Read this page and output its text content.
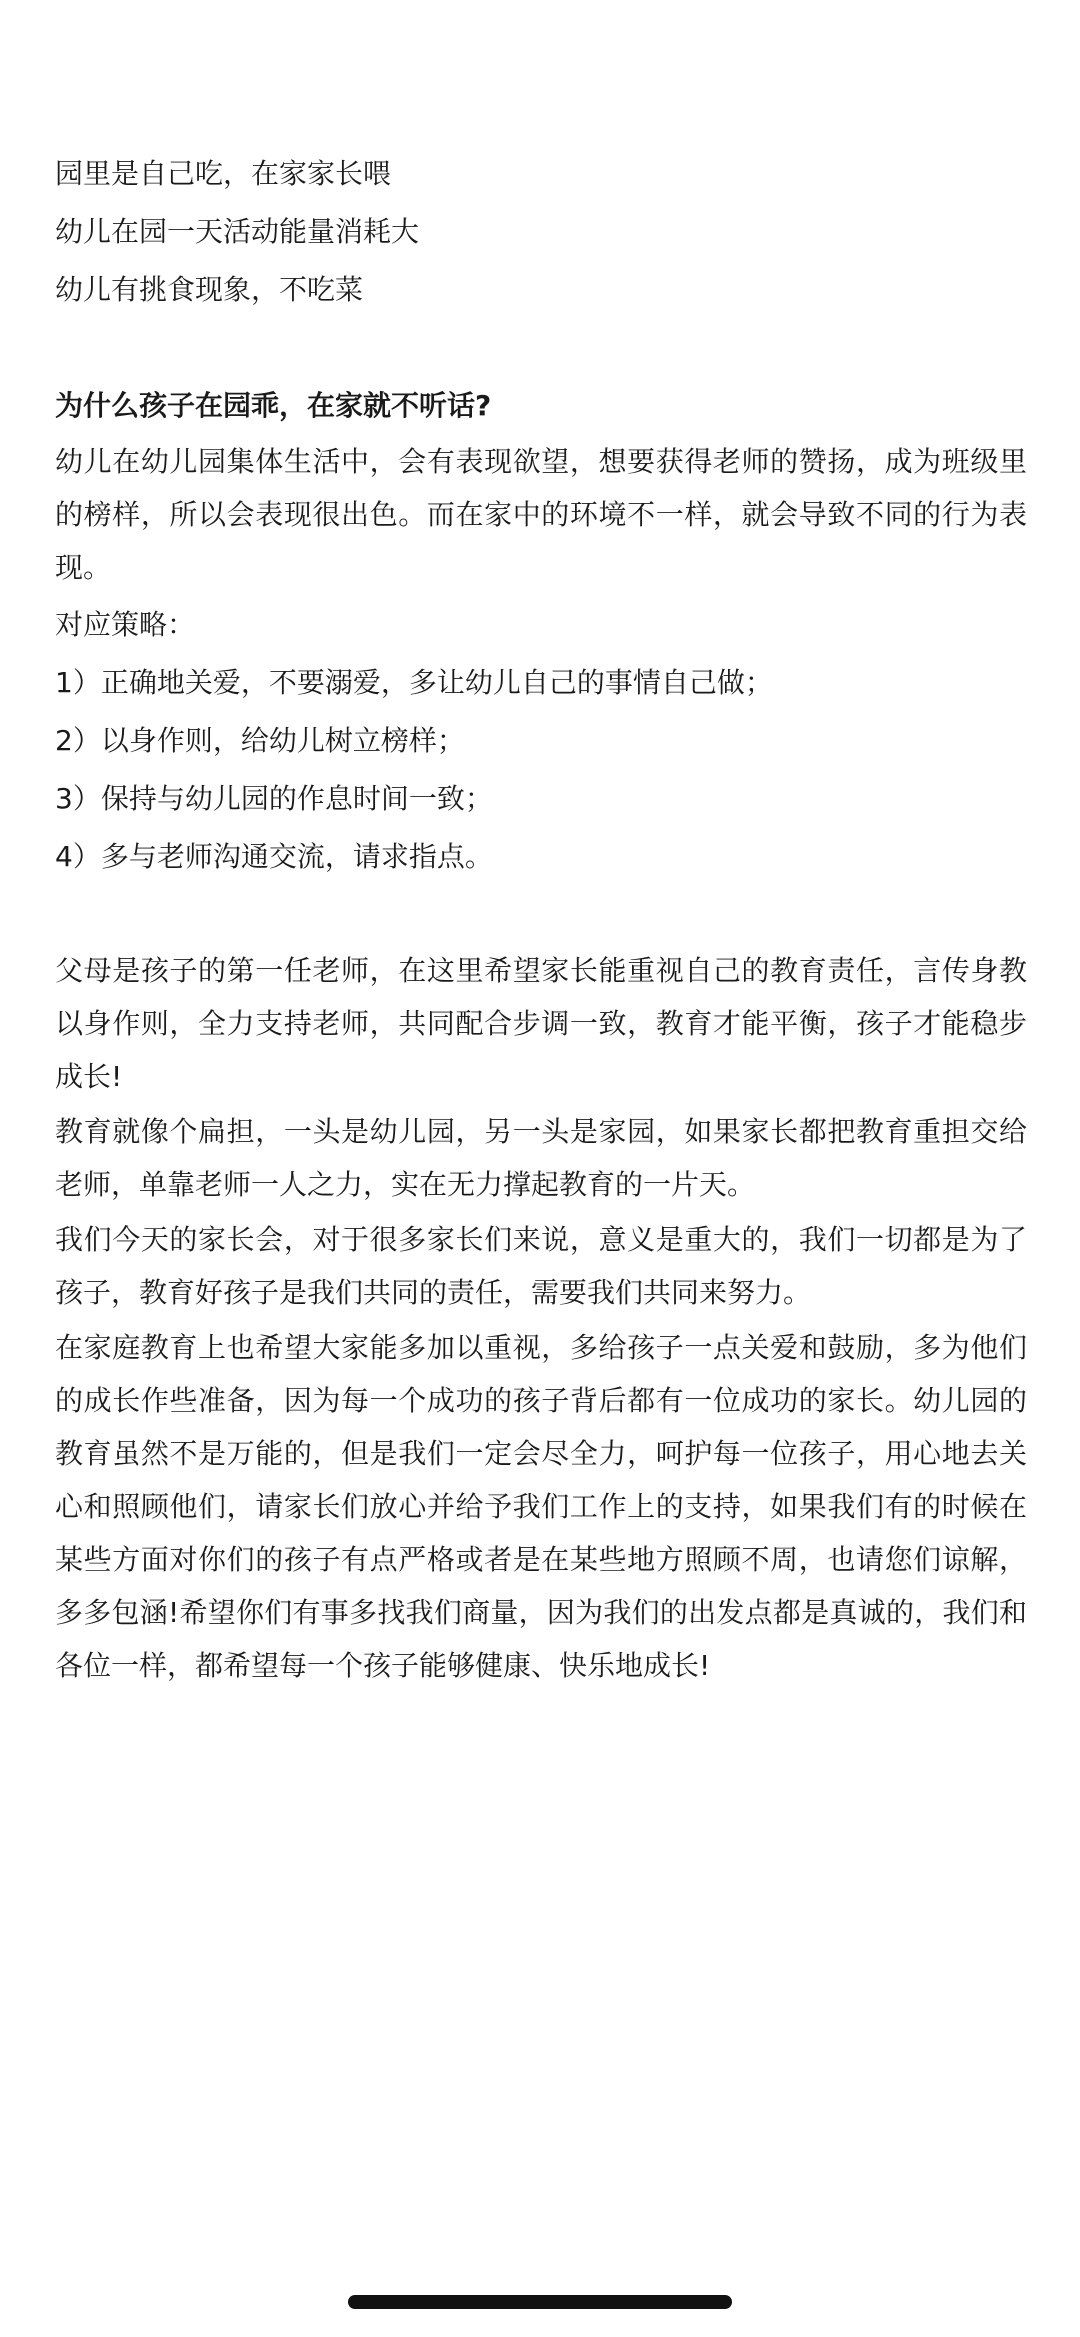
园里是自己吃，在家家长喂

幼儿在园一天活动能量消耗大

幼儿有挑食现象，不吃菜

为什么孩子在园乖，在家就不听话?

幼儿在幼儿园集体生活中，会有表现欲望，想要获得老师的赞扬，成为班级里的榜样，所以会表现很出色。而在家中的环境不一样，就会导致不同的行为表现。

对应策略：

1）正确地关爱，不要溺爱，多让幼儿自己的事情自己做；

2）以身作则，给幼儿树立榜样；

3）保持与幼儿园的作息时间一致；

4）多与老师沟通交流，请求指点。

父母是孩子的第一任老师，在这里希望家长能重视自己的教育责任，言传身教以身作则，全力支持老师，共同配合步调一致，教育才能平衡，孩子才能稳步成长!

教育就像个扁担，一头是幼儿园，另一头是家园，如果家长都把教育重担交给老师，单靠老师一人之力，实在无力撑起教育的一片天。

我们今天的家长会，对于很多家长们来说，意义是重大的，我们一切都是为了孩子，教育好孩子是我们共同的责任，需要我们共同来努力。

在家庭教育上也希望大家能多加以重视，多给孩子一点关爱和鼓励，多为他们的成长作些准备，因为每一个成功的孩子背后都有一位成功的家长。幼儿园的教育虽然不是万能的，但是我们一定会尽全力，呵护每一位孩子，用心地去关心和照顾他们，请家长们放心并给予我们工作上的支持，如果我们有的时候在某些方面对你们的孩子有点严格或者是在某些地方照顾不周，也请您们谅解，多多包涵!希望你们有事多找我们商量，因为我们的出发点都是真诚的，我们和各位一样，都希望每一个孩子能够健康、快乐地成长!
